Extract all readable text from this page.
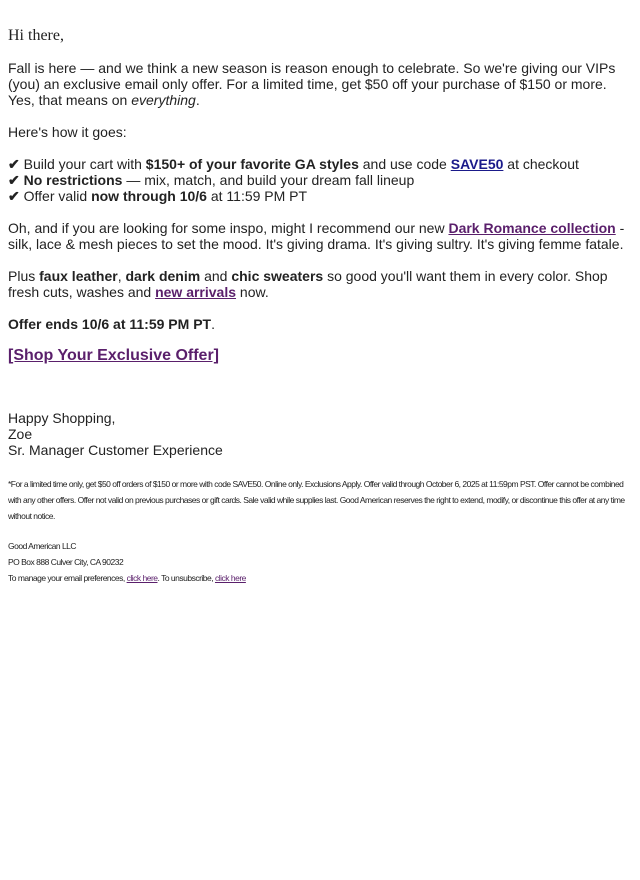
Hi there,

Fall is here — and we think a new season is reason enough to celebrate. So we're giving our VIPs (you) an exclusive email only offer. For a limited time, get $50 off your purchase of $150 or more. Yes, that means on everything.

Here's how it goes:

✔ Build your cart with $150+ of your favorite GA styles and use code SAVE50 at checkout

✔ No restrictions — mix, match, and build your dream fall lineup

✔ Offer valid now through 10/6 at 11:59 PM PT

Oh, and if you are looking for some inspo, might I recommend our new Dark Romance collection - silk, lace & mesh pieces to set the mood. It's giving drama. It's giving sultry. It's giving femme fatale.

Plus faux leather, dark denim and chic sweaters so good you'll want them in every color. Shop fresh cuts, washes and new arrivals now.

Offer ends 10/6 at 11:59 PM PT.

[Shop Your Exclusive Offer]

Happy Shopping,

Zoe

Sr. Manager Customer Experience

*For a limited time only, get $50 off orders of $150 or more with code SAVE50. Online only. Exclusions Apply. Offer valid through October 6, 2025 at 11:59pm PST. Offer cannot be combined with any other offers. Offer not valid on previous purchases or gift cards. Sale valid while supplies last. Good American reserves the right to extend, modify, or discontinue this offer at any time without notice.

Good American LLC

PO Box 888 Culver City, CA 90232

To manage your email preferences, click here. To unsubscribe, click here
